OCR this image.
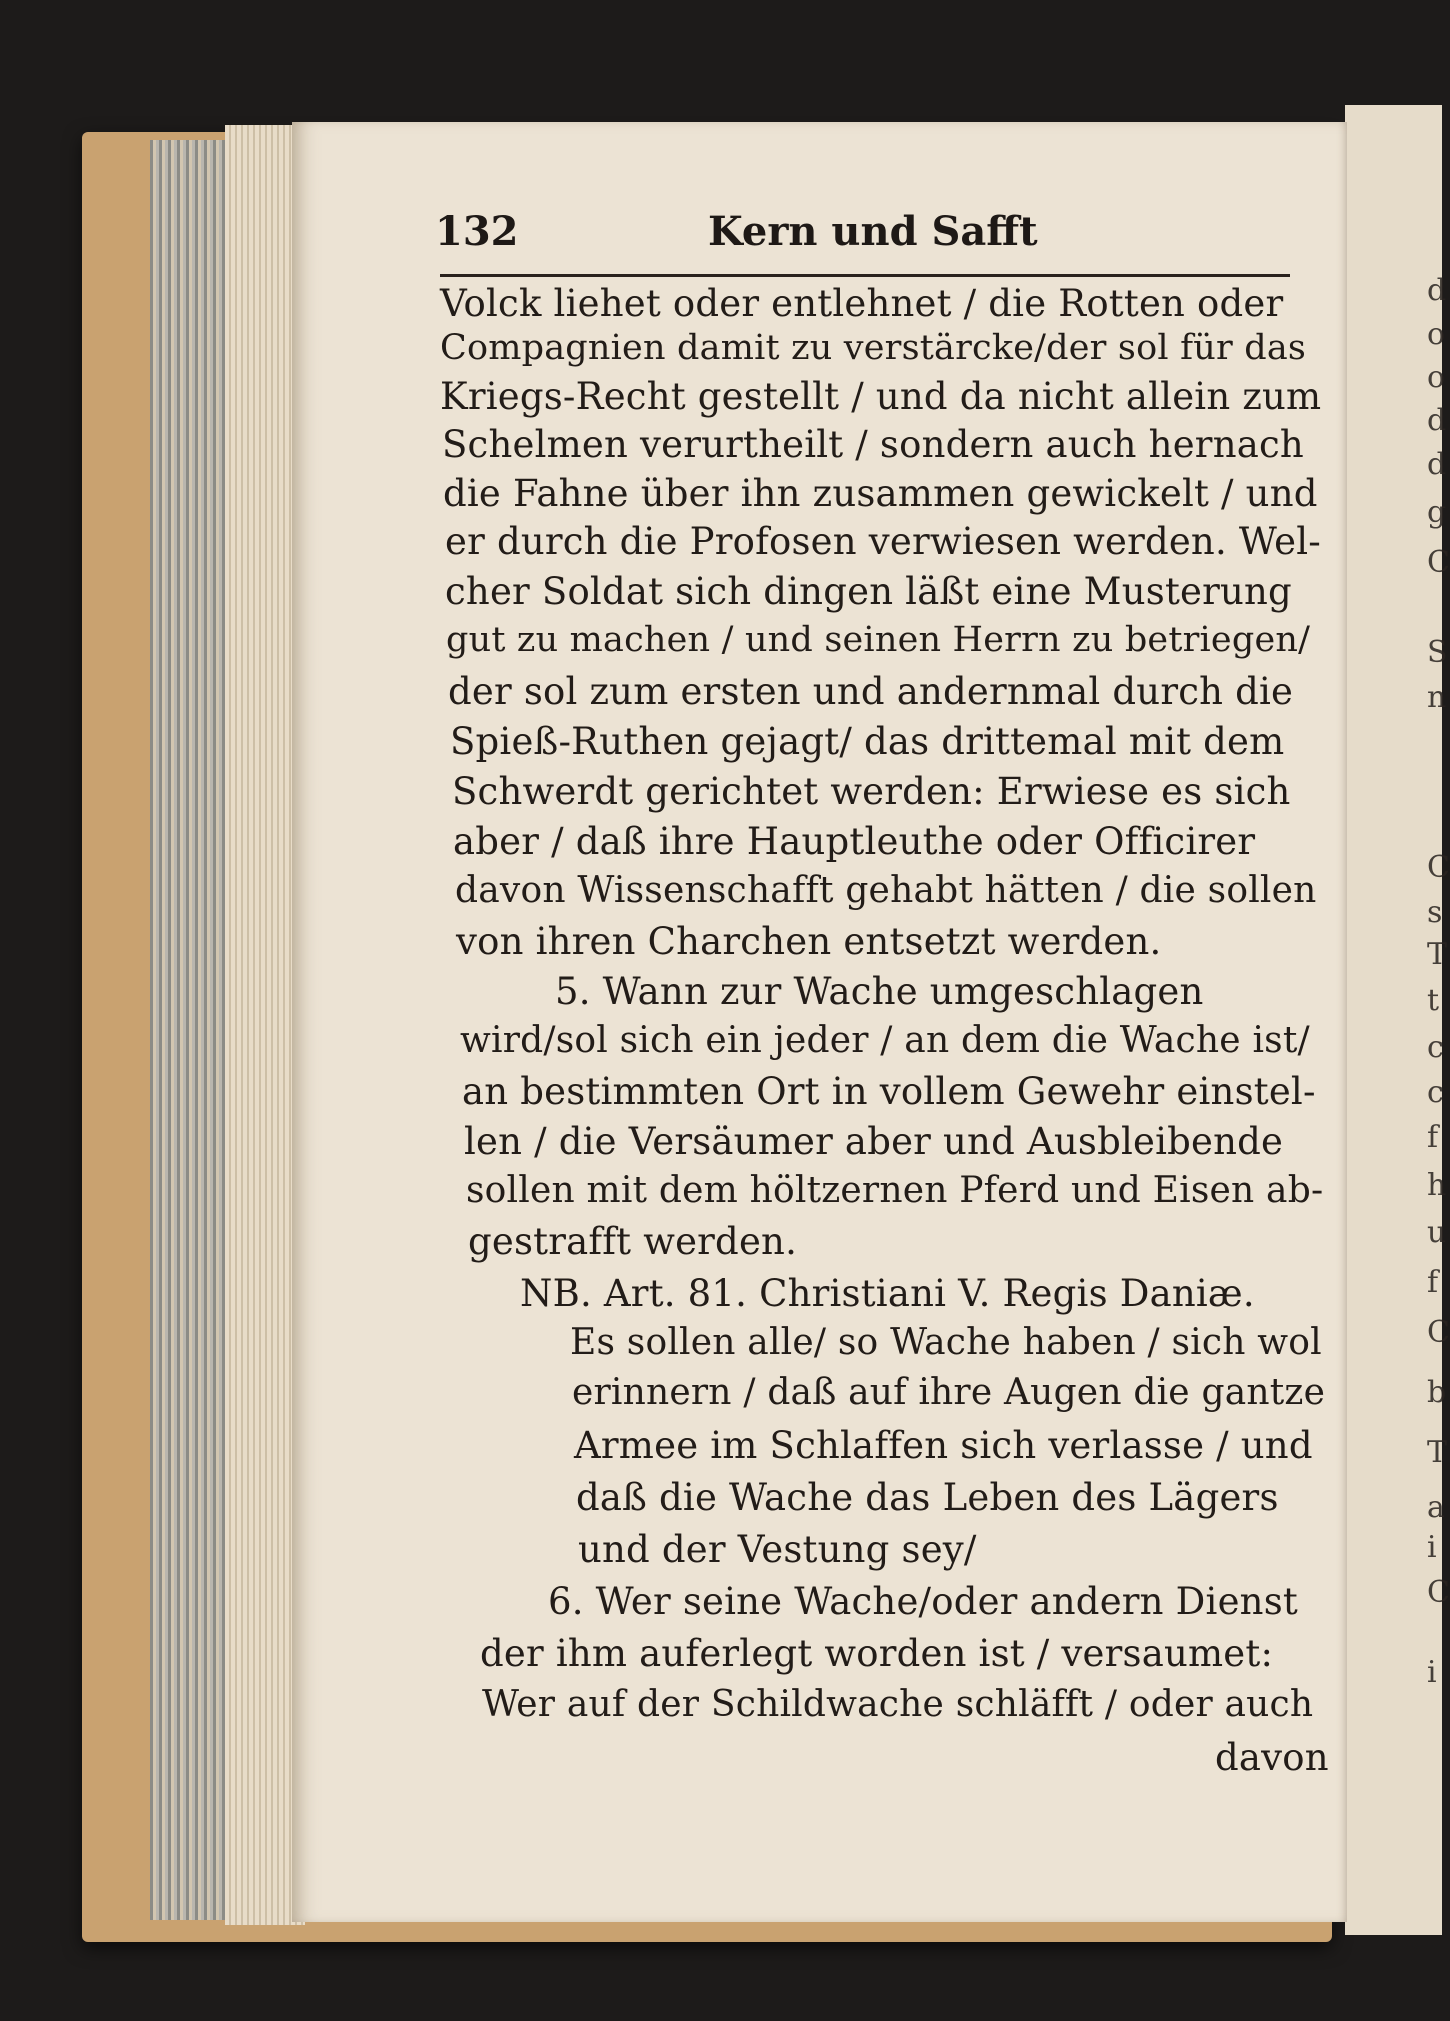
d
o
o
d
d
g
C
S
n
C
s
T
t
c
c
f
h
u
f
C
b
T
a
i
C
i
132	Kern und Safft
Volck liehet oder entlehnet / die Rotten oder
Compagnien damit zu verstärcke/der sol für das
Kriegs-Recht gestellt / und da nicht allein zum
Schelmen verurtheilt / sondern auch hernach
die Fahne über ihn zusammen gewickelt / und
er durch die Profosen verwiesen werden. Wel-
cher Soldat sich dingen läßt eine Musterung
gut zu machen / und seinen Herrn zu betriegen/
der sol zum ersten und andernmal durch die
Spieß-Ruthen gejagt/ das drittemal mit dem
Schwerdt gerichtet werden: Erwiese es sich
aber / daß ihre Hauptleuthe oder Officirer
davon Wissenschafft gehabt hätten / die sollen
von ihren Charchen entsetzt werden.
5. Wann zur Wache umgeschlagen
wird/sol sich ein jeder / an dem die Wache ist/
an bestimmten Ort in vollem Gewehr einstel-
len / die Versäumer aber und Ausbleibende
sollen mit dem höltzernen Pferd und Eisen ab-
gestrafft werden.
NB. Art. 81. Christiani V. Regis Daniæ.
Es sollen alle/ so Wache haben / sich wol
erinnern / daß auf ihre Augen die gantze
Armee im Schlaffen sich verlasse / und
daß die Wache das Leben des Lägers
und der Vestung sey/
6. Wer seine Wache/oder andern Dienst
der ihm auferlegt worden ist / versaumet:
Wer auf der Schildwache schläfft / oder auch
davon
